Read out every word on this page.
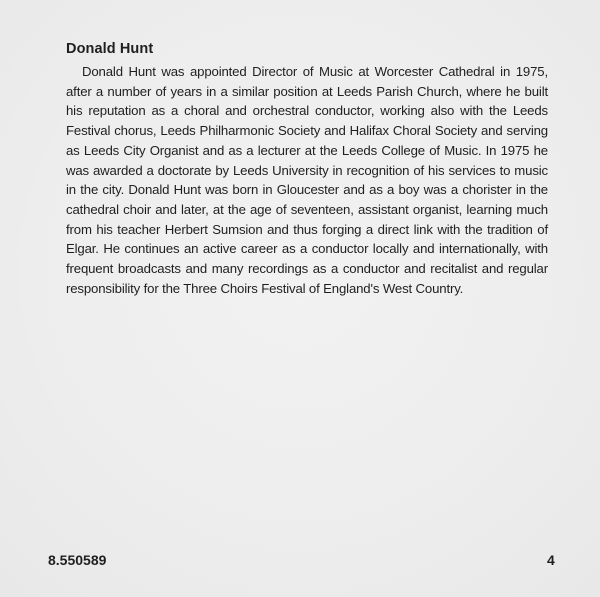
Donald Hunt

Donald Hunt was appointed Director of Music at Worcester Cathedral in 1975, after a number of years in a similar position at Leeds Parish Church, where he built his reputation as a choral and orchestral conductor, working also with the Leeds Festival chorus, Leeds Philharmonic Society and Halifax Choral Society and serving as Leeds City Organist and as a lecturer at the Leeds College of Music. In 1975 he was awarded a doctorate by Leeds University in recognition of his services to music in the city. Donald Hunt was born in Gloucester and as a boy was a chorister in the cathedral choir and later, at the age of seventeen, assistant organist, learning much from his teacher Herbert Sumsion and thus forging a direct link with the tradition of Elgar. He continues an active career as a conductor locally and internationally, with frequent broadcasts and many recordings as a conductor and recitalist and regular responsibility for the Three Choirs Festival of England's West Country.

8.550589	4
